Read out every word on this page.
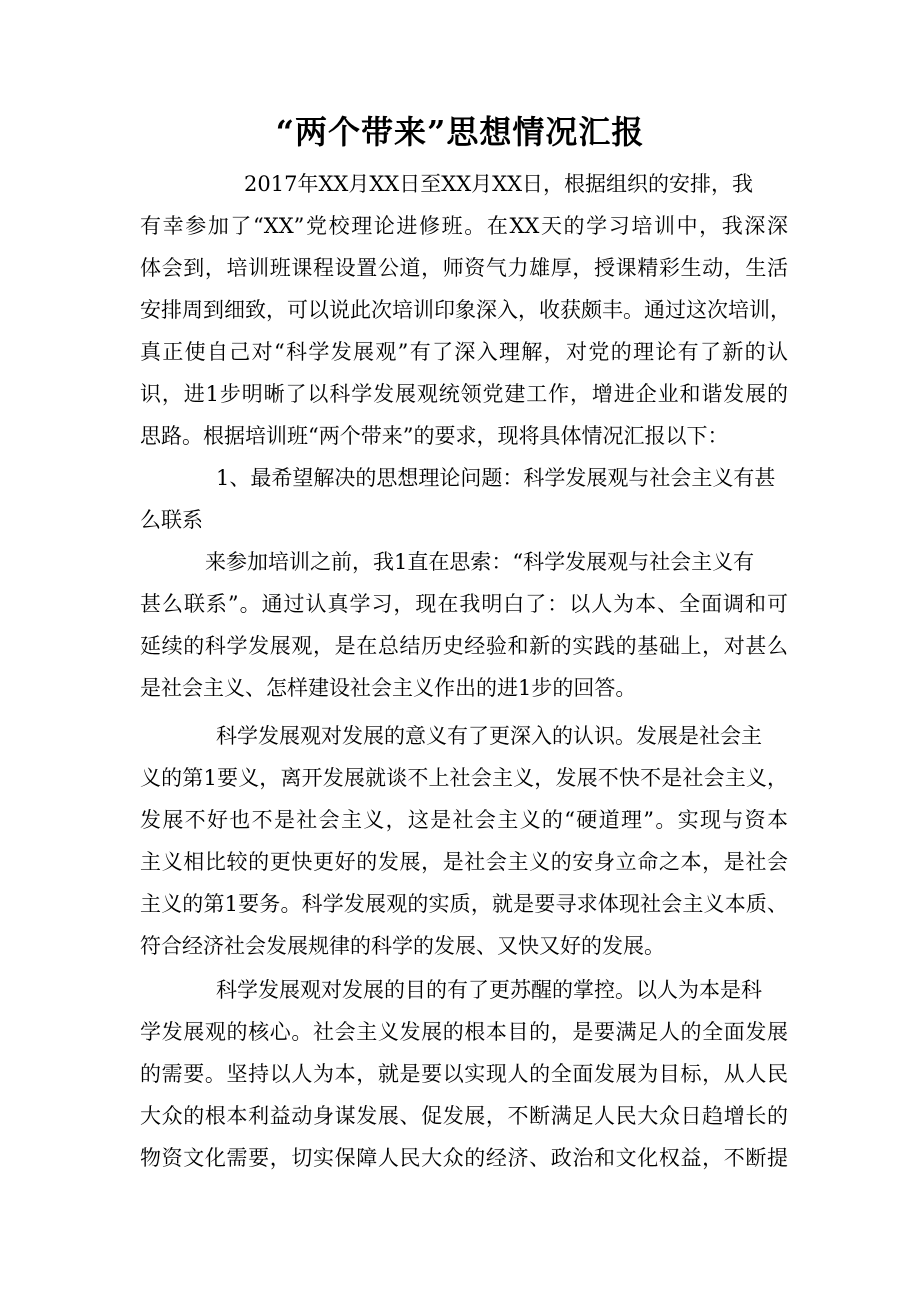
“两个带来”思想情况汇报
2017年XX月XX日至XX月XX日，根据组织的安排，我
有幸参加了“XX”党校理论进修班。在XX天的学习培训中，我深深
体会到，培训班课程设置公道，师资气力雄厚，授课精彩生动，生活
安排周到细致，可以说此次培训印象深入，收获颇丰。通过这次培训，
真正使自己对“科学发展观”有了深入理解，对党的理论有了新的认
识，进1步明晰了以科学发展观统领党建工作，增进企业和谐发展的
思路。根据培训班“两个带来”的要求，现将具体情况汇报以下：
1、最希望解决的思想理论问题：科学发展观与社会主义有甚
么联系
来参加培训之前，我1直在思索：“科学发展观与社会主义有
甚么联系”。通过认真学习，现在我明白了：以人为本、全面调和可
延续的科学发展观，是在总结历史经验和新的实践的基础上，对甚么
是社会主义、怎样建设社会主义作出的进1步的回答。
科学发展观对发展的意义有了更深入的认识。发展是社会主
义的第1要义，离开发展就谈不上社会主义，发展不快不是社会主义，
发展不好也不是社会主义，这是社会主义的“硬道理”。实现与资本
主义相比较的更快更好的发展，是社会主义的安身立命之本，是社会
主义的第1要务。科学发展观的实质，就是要寻求体现社会主义本质、
符合经济社会发展规律的科学的发展、又快又好的发展。
科学发展观对发展的目的有了更苏醒的掌控。以人为本是科
学发展观的核心。社会主义发展的根本目的，是要满足人的全面发展
的需要。坚持以人为本，就是要以实现人的全面发展为目标，从人民
大众的根本利益动身谋发展、促发展，不断满足人民大众日趋增长的
物资文化需要，切实保障人民大众的经济、政治和文化权益，不断提
